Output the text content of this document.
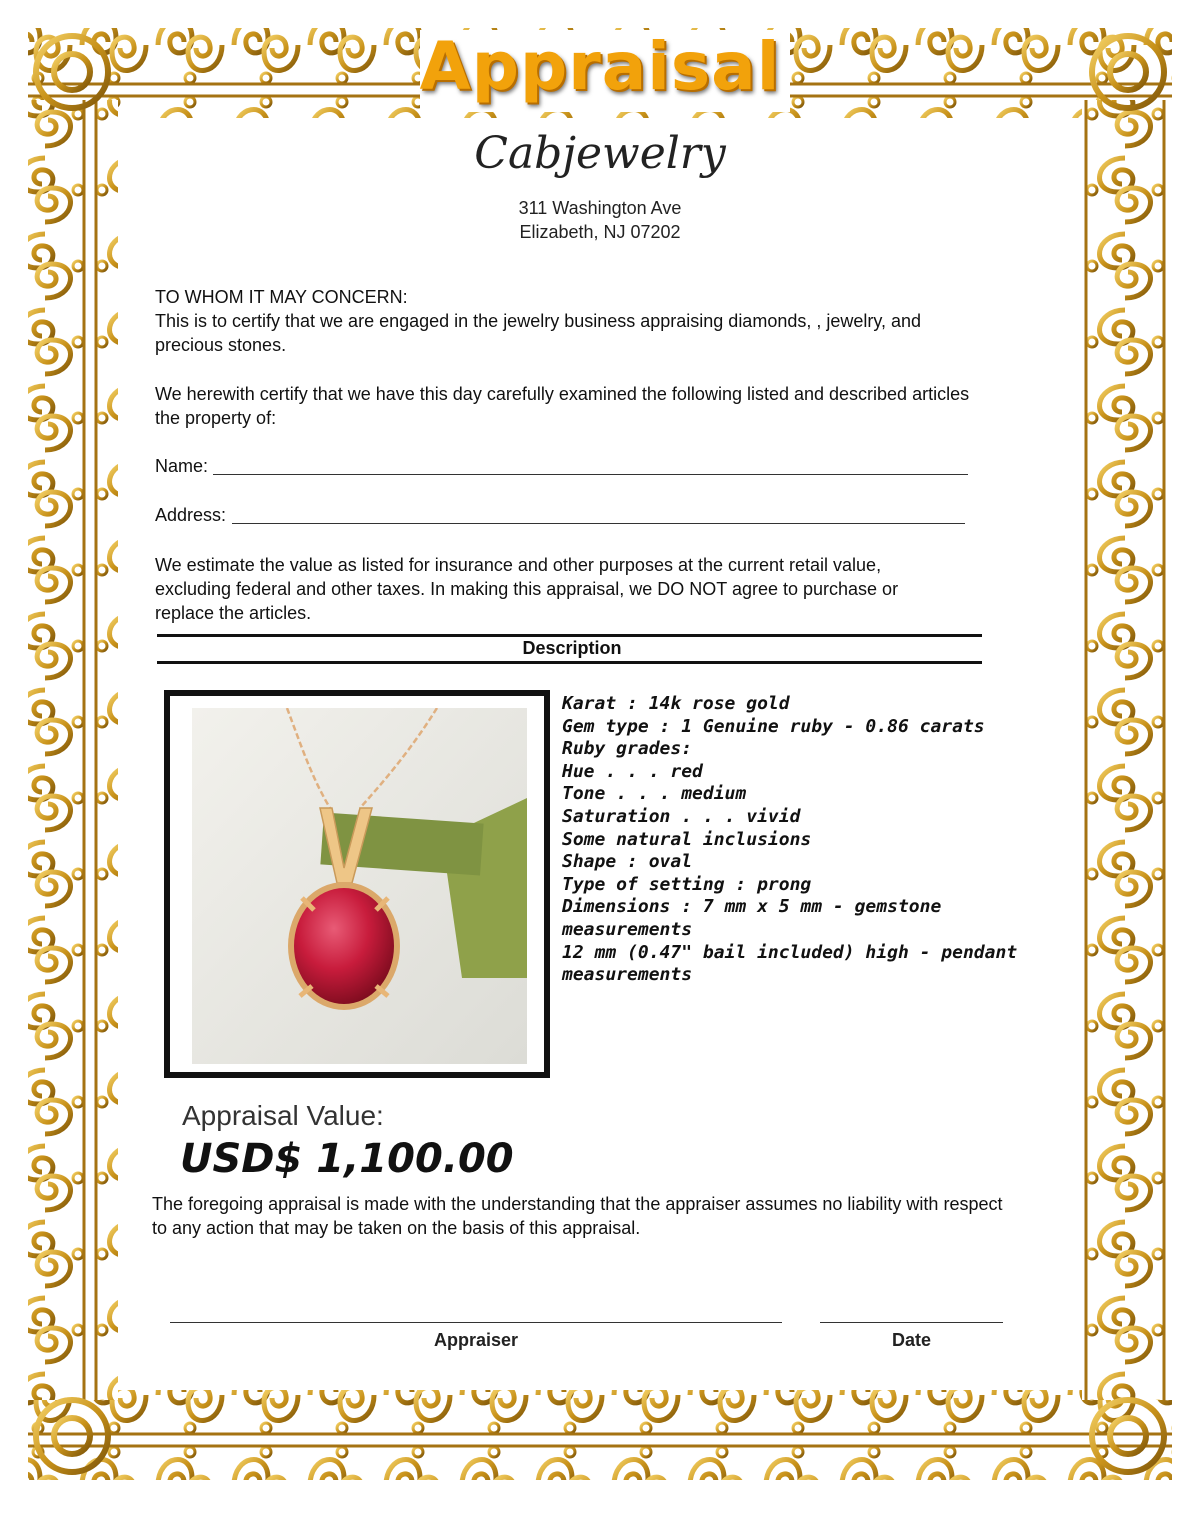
Appraisal
Cabjewelry
311 Washington Ave
Elizabeth, NJ 07202
TO WHOM IT MAY CONCERN:
This is to certify that we are engaged in the jewelry business appraising diamonds, , jewelry, and precious stones.
We herewith certify that we have this day carefully examined the following listed and described articles the property of:
Name:
Address:
We estimate the value as listed for insurance and other purposes at the current retail value, excluding federal and other taxes. In making this appraisal, we DO NOT agree to purchase or replace the articles.
Description
Karat : 14k rose gold
Gem type : 1 Genuine ruby - 0.86 carats
Ruby grades:
Hue . . . red
Tone . . . medium
Saturation . . . vivid
Some natural inclusions
Shape : oval
Type of setting : prong
Dimensions : 7 mm x 5 mm - gemstone measurements
12 mm (0.47" bail included) high - pendant measurements
Appraisal Value:
USD$ 1,100.00
The foregoing appraisal is made with the understanding that the appraiser assumes no liability with respect to any action that may be taken on the basis of this appraisal.
Appraiser	Date
